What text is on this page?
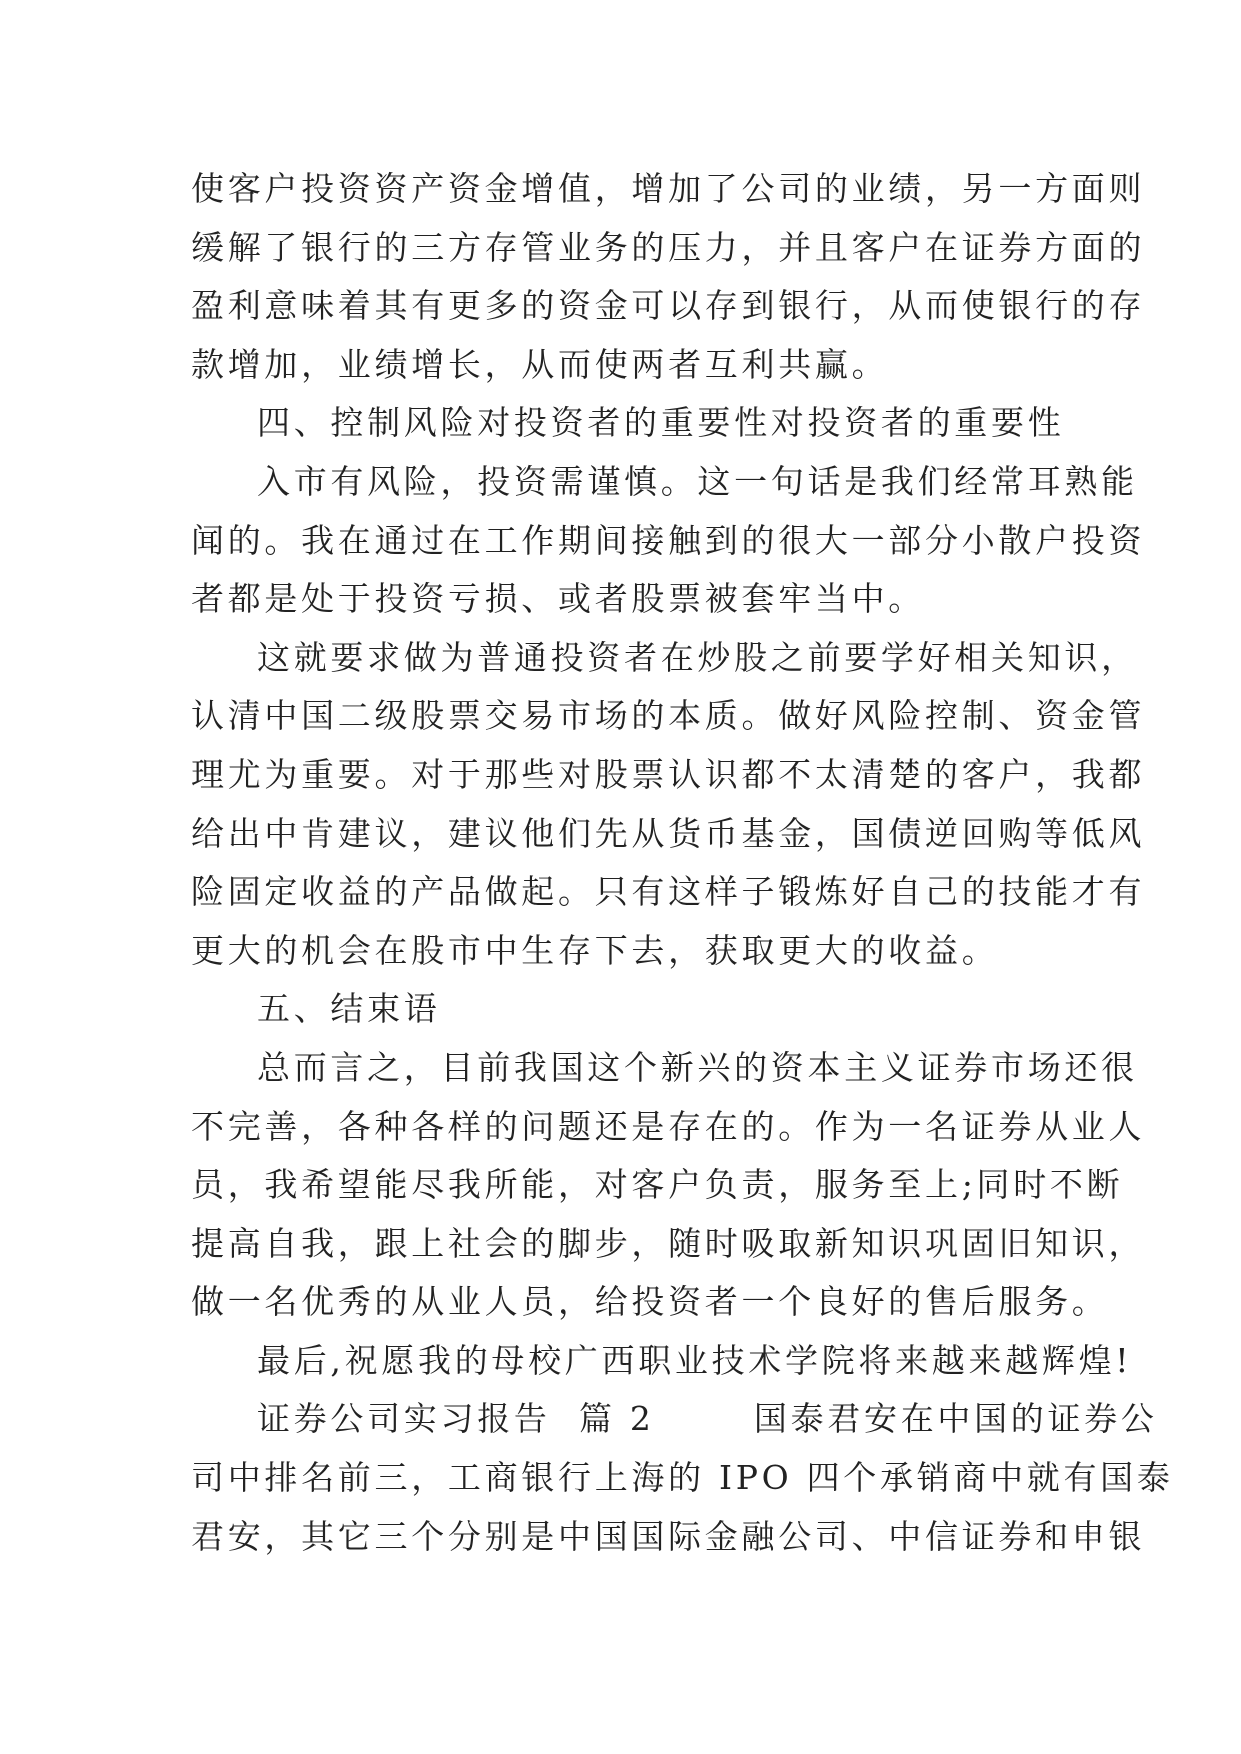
使客户投资资产资金增值，增加了公司的业绩，另一方面则
缓解了银行的三方存管业务的压力，并且客户在证券方面的
盈利意味着其有更多的资金可以存到银行，从而使银行的存
款增加，业绩增长，从而使两者互利共赢。
四、控制风险对投资者的重要性对投资者的重要性
入市有风险，投资需谨慎。这一句话是我们经常耳熟能
闻的。我在通过在工作期间接触到的很大一部分小散户投资
者都是处于投资亏损、或者股票被套牢当中。
这就要求做为普通投资者在炒股之前要学好相关知识，
认清中国二级股票交易市场的本质。做好风险控制、资金管
理尤为重要。对于那些对股票认识都不太清楚的客户，我都
给出中肯建议，建议他们先从货币基金，国债逆回购等低风
险固定收益的产品做起。只有这样子锻炼好自己的技能才有
更大的机会在股市中生存下去，获取更大的收益。
五、结束语
总而言之，目前我国这个新兴的资本主义证券市场还很
不完善，各种各样的问题还是存在的。作为一名证券从业人
员，我希望能尽我所能，对客户负责，服务至上;同时不断
提高自我，跟上社会的脚步，随时吸取新知识巩固旧知识，
做一名优秀的从业人员，给投资者一个良好的售后服务。
最后,祝愿我的母校广西职业技术学院将来越来越辉煌!
证券公司实习报告  篇 2       国泰君安在中国的证券公
司中排名前三，工商银行上海的 IPO 四个承销商中就有国泰
君安，其它三个分别是中国国际金融公司、中信证券和申银
